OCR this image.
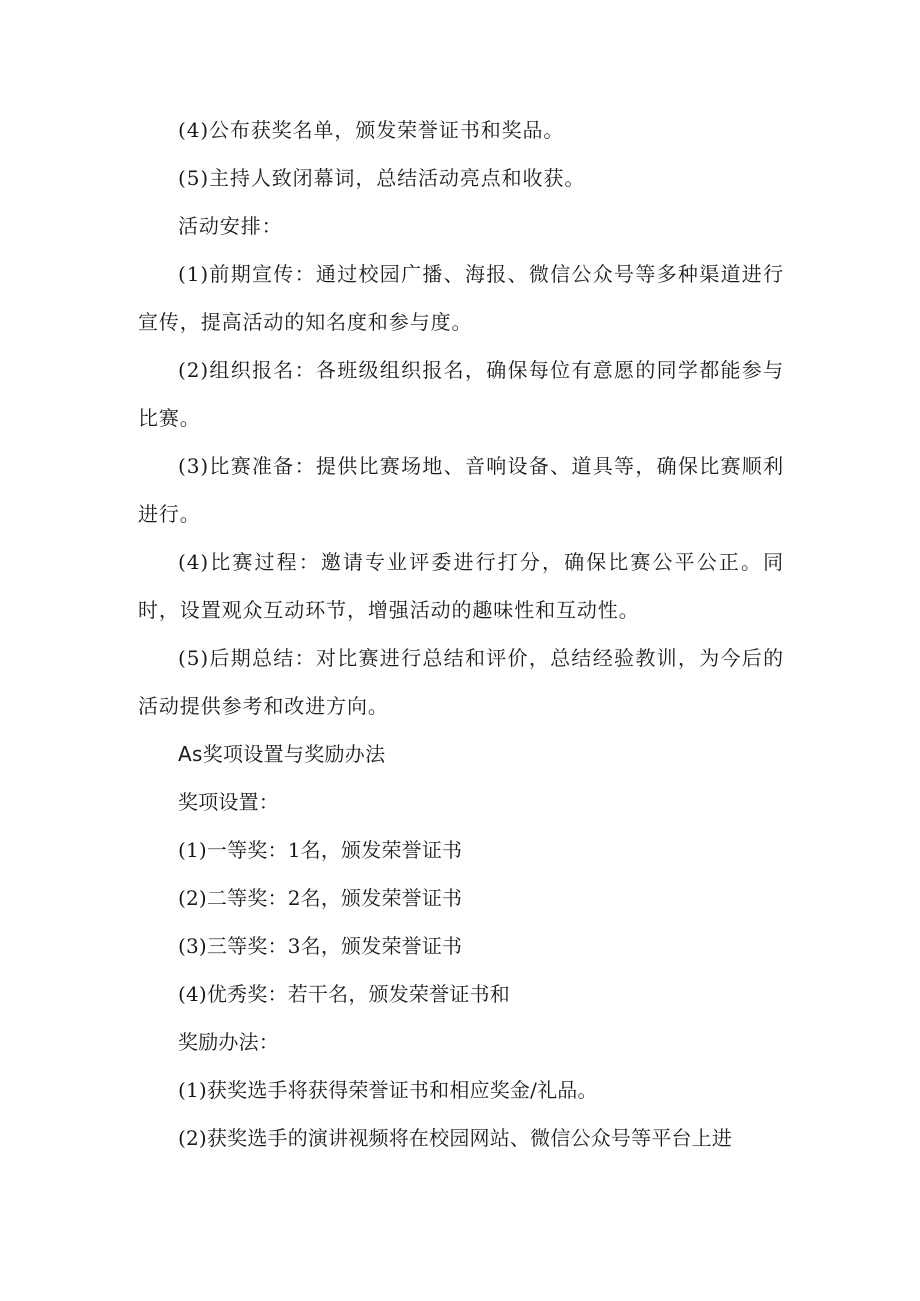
(4)公布获奖名单，颁发荣誉证书和奖品。

(5)主持人致闭幕词，总结活动亮点和收获。

活动安排：

(1)前期宣传：通过校园广播、海报、微信公众号等多种渠道进行宣传，提高活动的知名度和参与度。

(2)组织报名：各班级组织报名，确保每位有意愿的同学都能参与比赛。

(3)比赛准备：提供比赛场地、音响设备、道具等，确保比赛顺利进行。

(4)比赛过程：邀请专业评委进行打分，确保比赛公平公正。同时，设置观众互动环节，增强活动的趣味性和互动性。

(5)后期总结：对比赛进行总结和评价，总结经验教训，为今后的活动提供参考和改进方向。

As奖项设置与奖励办法

奖项设置：

(1)一等奖：1名，颁发荣誉证书

(2)二等奖：2名，颁发荣誉证书

(3)三等奖：3名，颁发荣誉证书

(4)优秀奖：若干名，颁发荣誉证书和

奖励办法：

(1)获奖选手将获得荣誉证书和相应奖金/礼品。

(2)获奖选手的演讲视频将在校园网站、微信公众号等平台上进
